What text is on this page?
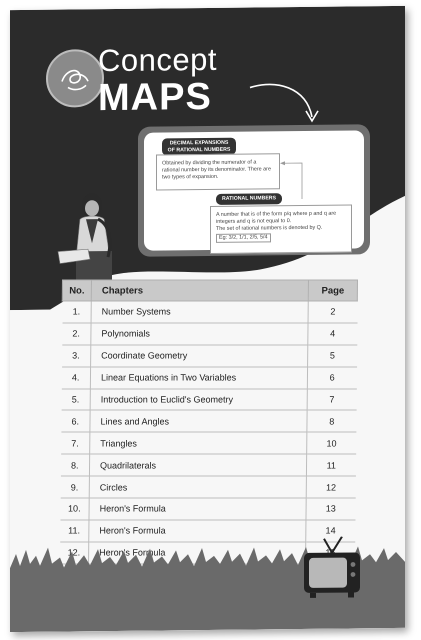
Concept
MAPS
DECIMAL EXPANSIONS OF RATIONAL NUMBERS
Obtained by dividing the numerator of a rational number by its denominator. There are two types of expansion.
RATIONAL NUMBERS
A number that is of the form p/q where p and q are integers and q is not equal to 0.
The set of rational numbers is denoted by Q.
Eg: 3/2, 1/1, 2/5, 5/4
No.	Chapters	Page
1.	Number Systems	2
2.	Polynomials	4
3.	Coordinate Geometry	5
4.	Linear Equations in Two Variables	6
5.	Introduction to Euclid's Geometry	7
6.	Lines and Angles	8
7.	Triangles	10
8.	Quadrilaterals	11
9.	Circles	12
10.	Heron's Formula	13
11.	Heron's Formula	14
12.	Heron's Formula	
